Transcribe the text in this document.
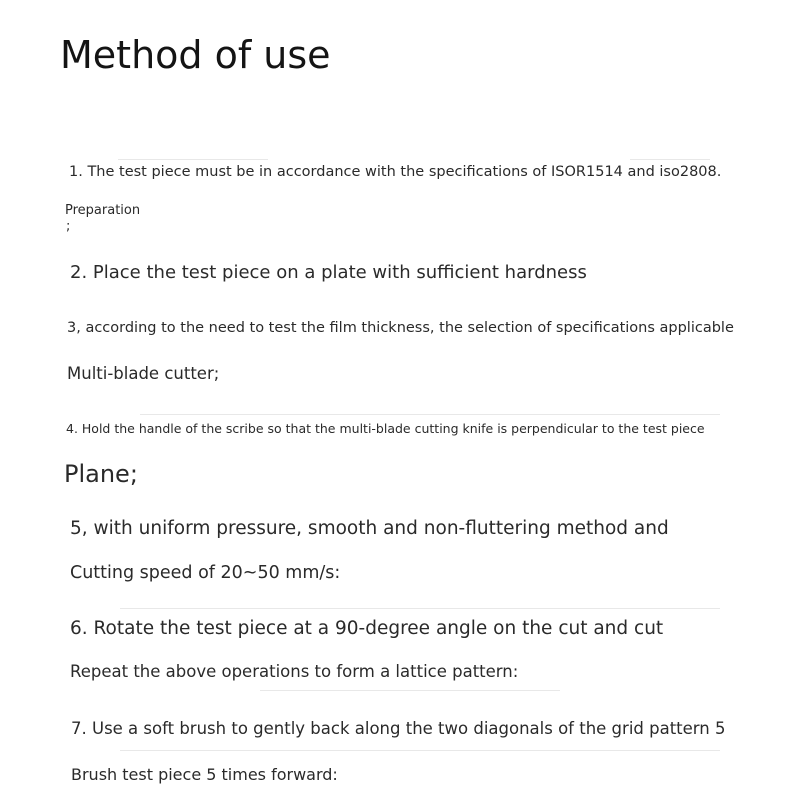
Method of use
1. The test piece must be in accordance with the specifications of ISOR1514 and iso2808.
Preparation
;
2. Place the test piece on a plate with sufficient hardness
3, according to the need to test the film thickness, the selection of specifications applicable
Multi-blade cutter;
4. Hold the handle of the scribe so that the multi-blade cutting knife is perpendicular to the test piece
Plane;
5, with uniform pressure, smooth and non-fluttering method and
Cutting speed of 20~50 mm/s:
6. Rotate the test piece at a 90-degree angle on the cut and cut
Repeat the above operations to form a lattice pattern:
7. Use a soft brush to gently back along the two diagonals of the grid pattern 5
Brush test piece 5 times forward:
